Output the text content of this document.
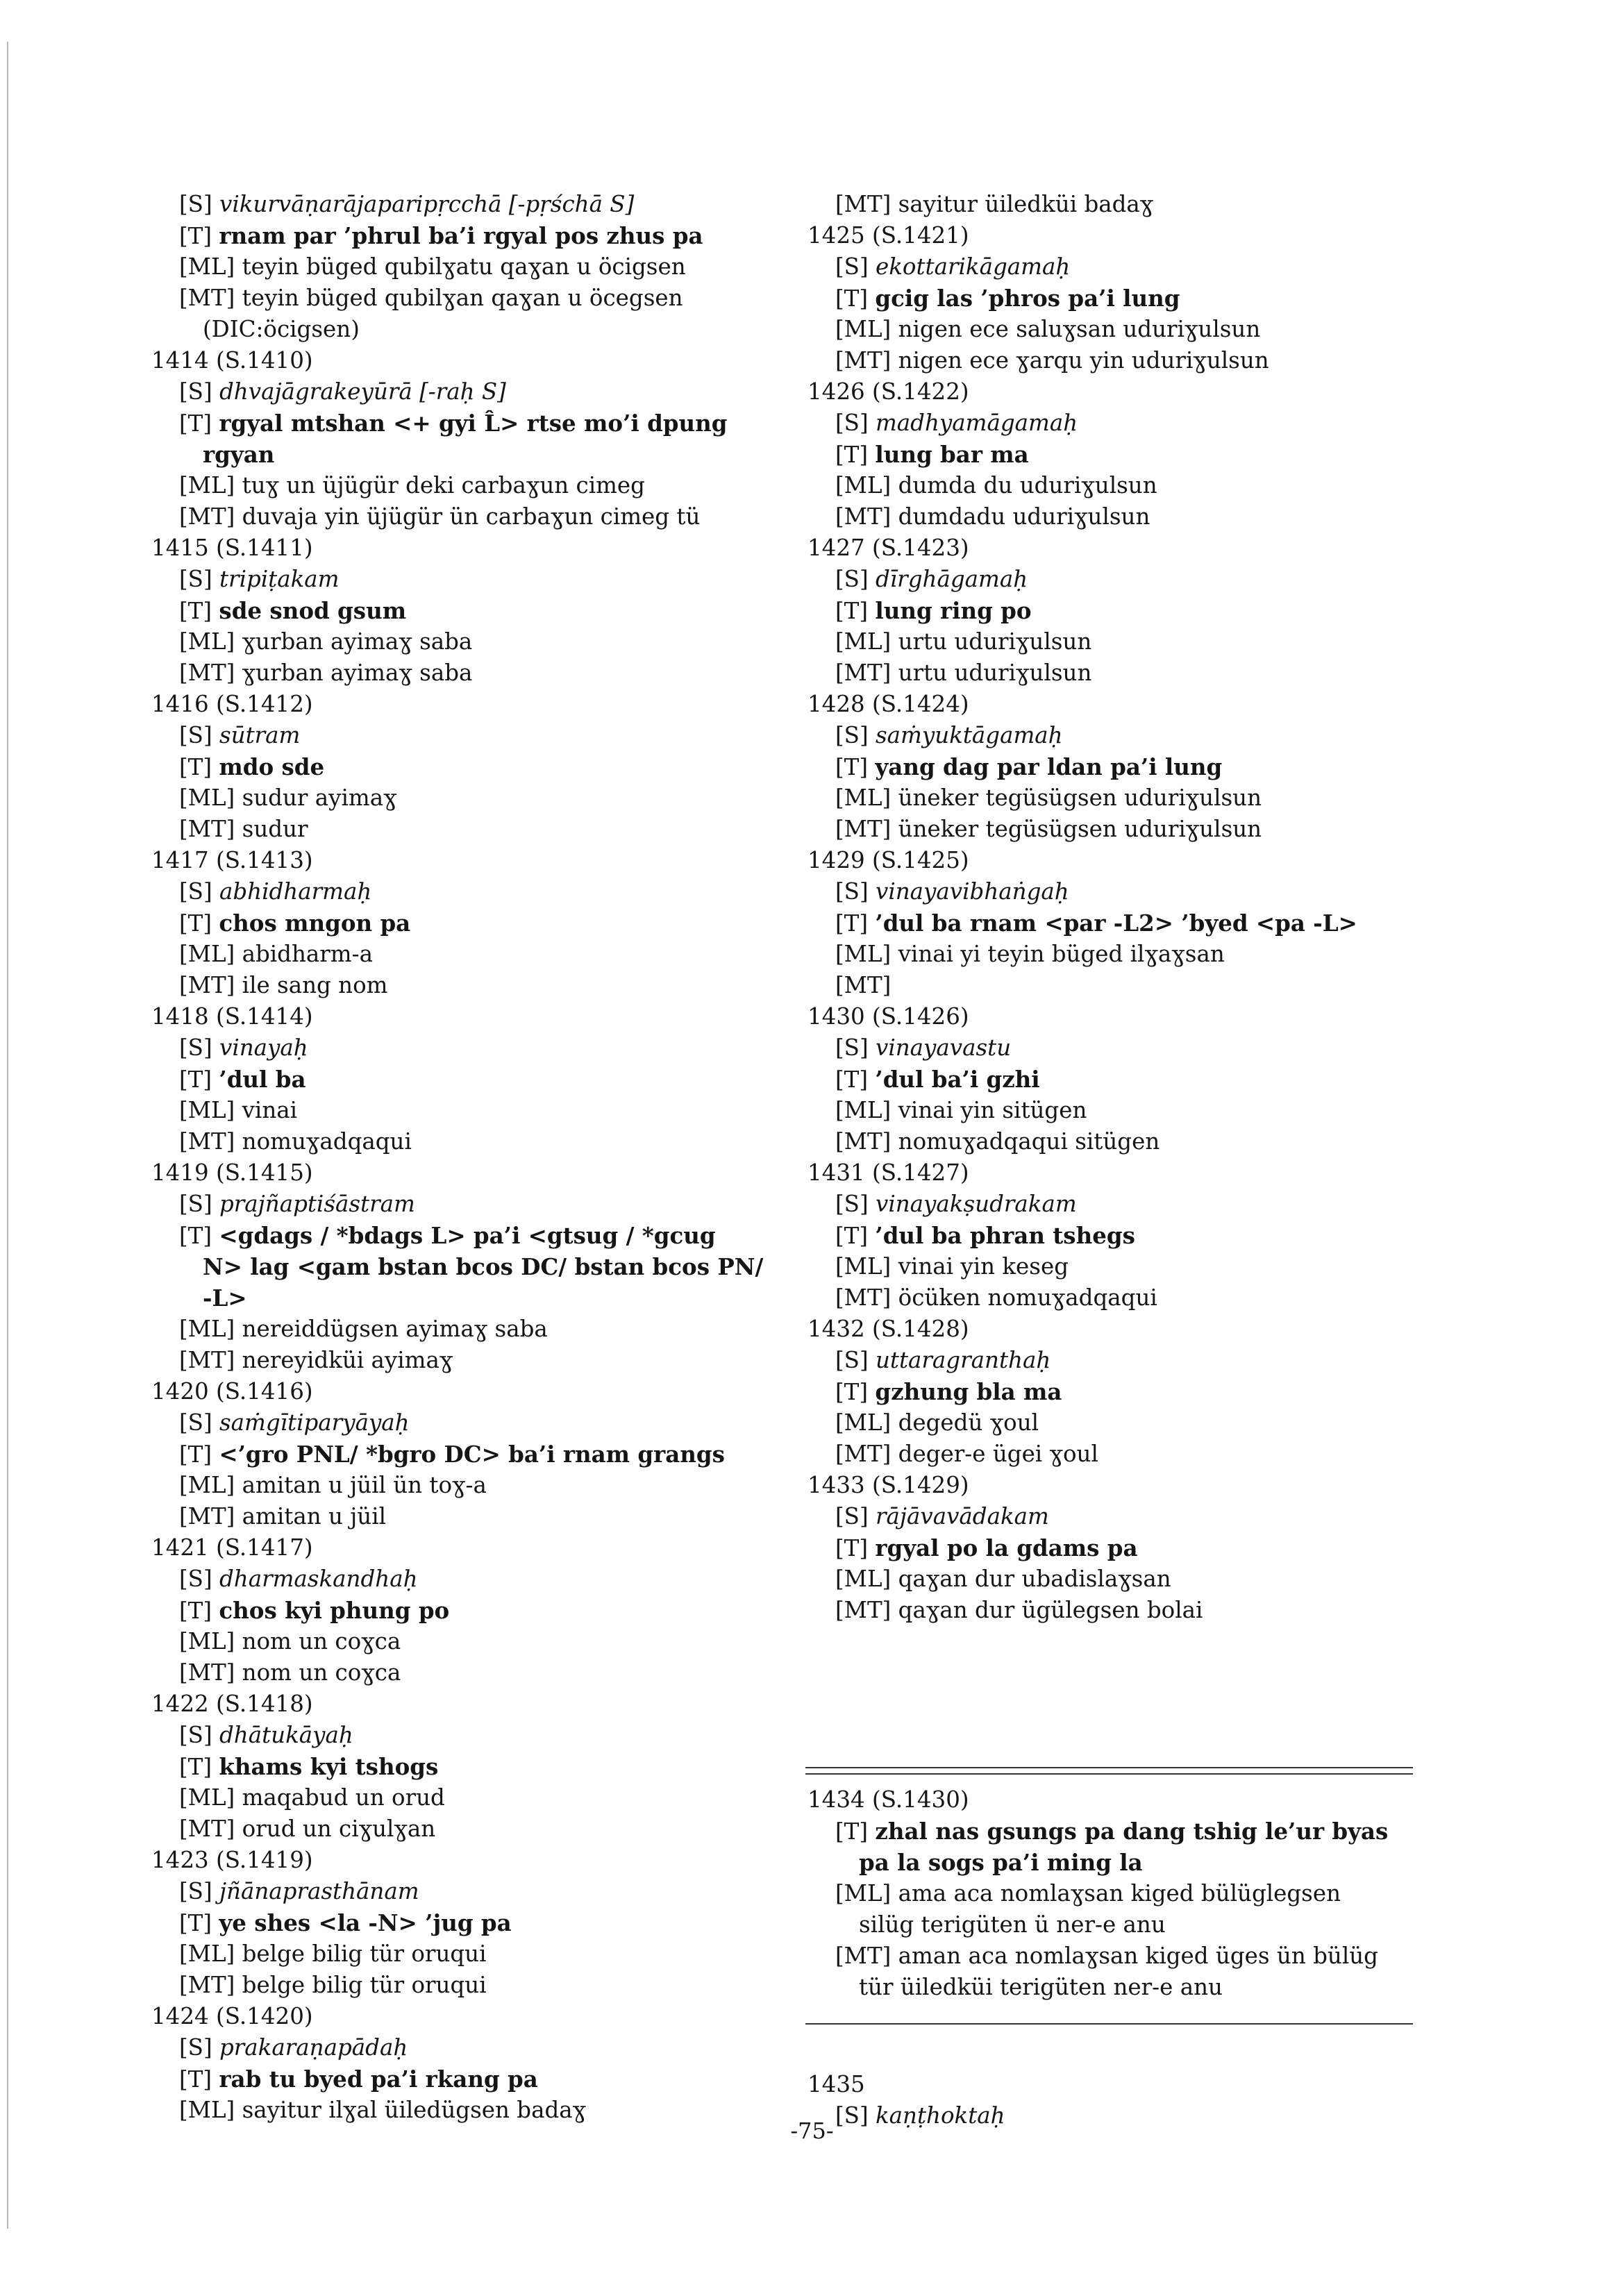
[S] vikurvāṇarājaparipṛcchā [-pṛśchā S]
[T] rnam par ’phrul ba’i rgyal pos zhus pa
[ML] teyin büged qubilɣatu qaɣan u öcigsen
[MT] teyin büged qubilɣan qaɣan u öcegsen
(DIC:öcigsen)
1414 (S.1410)
[S] dhvajāgrakeyūrā [-raḥ S]
[T] rgyal mtshan <+ gyi L̂> rtse mo’i dpung
rgyan
[ML] tuɣ un üjügür deki carbaɣun cimeg
[MT] duvaja yin üjügür ün carbaɣun cimeg tü
1415 (S.1411)
[S] tripiṭakam
[T] sde snod gsum
[ML] ɣurban ayimaɣ saba
[MT] ɣurban ayimaɣ saba
1416 (S.1412)
[S] sūtram
[T] mdo sde
[ML] sudur ayimaɣ
[MT] sudur
1417 (S.1413)
[S] abhidharmaḥ
[T] chos mngon pa
[ML] abidharm-a
[MT] ile sang nom
1418 (S.1414)
[S] vinayaḥ
[T] ’dul ba
[ML] vinai
[MT] nomuɣadqaqui
1419 (S.1415)
[S] prajñaptiśāstram
[T] <gdags / *bdags L> pa’i <gtsug / *gcug
N> lag <gam bstan bcos DC/ bstan bcos PN/
-L>
[ML] nereiddügsen ayimaɣ saba
[MT] nereyidküi ayimaɣ
1420 (S.1416)
[S] saṁgītiparyāyaḥ
[T] <’gro PNL/ *bgro DC> ba’i rnam grangs
[ML] amitan u jüil ün toɣ-a
[MT] amitan u jüil
1421 (S.1417)
[S] dharmaskandhaḥ
[T] chos kyi phung po
[ML] nom un coɣca
[MT] nom un coɣca
1422 (S.1418)
[S] dhātukāyaḥ
[T] khams kyi tshogs
[ML] maqabud un orud
[MT] orud un ciɣulɣan
1423 (S.1419)
[S] jñānaprasthānam
[T] ye shes <la -N> ’jug pa
[ML] belge bilig tür oruqui
[MT] belge bilig tür oruqui
1424 (S.1420)
[S] prakaraṇapādaḥ
[T] rab tu byed pa’i rkang pa
[ML] sayitur ilɣal üiledügsen badaɣ
[MT] sayitur üiledküi badaɣ
1425 (S.1421)
[S] ekottarikāgamaḥ
[T] gcig las ’phros pa’i lung
[ML] nigen ece saluɣsan uduriɣulsun
[MT] nigen ece ɣarqu yin uduriɣulsun
1426 (S.1422)
[S] madhyamāgamaḥ
[T] lung bar ma
[ML] dumda du uduriɣulsun
[MT] dumdadu uduriɣulsun
1427 (S.1423)
[S] dīrghāgamaḥ
[T] lung ring po
[ML] urtu uduriɣulsun
[MT] urtu uduriɣulsun
1428 (S.1424)
[S] saṁyuktāgamaḥ
[T] yang dag par ldan pa’i lung
[ML] üneker tegüsügsen uduriɣulsun
[MT] üneker tegüsügsen uduriɣulsun
1429 (S.1425)
[S] vinayavibhaṅgaḥ
[T] ’dul ba rnam <par -L2> ’byed <pa -L>
[ML] vinai yi teyin büged ilɣaɣsan
[MT]
1430 (S.1426)
[S] vinayavastu
[T] ’dul ba’i gzhi
[ML] vinai yin sitügen
[MT] nomuɣadqaqui sitügen
1431 (S.1427)
[S] vinayakṣudrakam
[T] ’dul ba phran tshegs
[ML] vinai yin keseg
[MT] öcüken nomuɣadqaqui
1432 (S.1428)
[S] uttaragranthaḥ
[T] gzhung bla ma
[ML] degedü ɣoul
[MT] deger-e ügei ɣoul
1433 (S.1429)
[S] rājāvavādakam
[T] rgyal po la gdams pa
[ML] qaɣan dur ubadislaɣsan
[MT] qaɣan dur ügülegsen bolai
1434 (S.1430)
[T] zhal nas gsungs pa dang tshig le’ur byas
pa la sogs pa’i ming la
[ML] ama aca nomlaɣsan kiged bülüglegsen
silüg terigüten ü ner-e anu
[MT] aman aca nomlaɣsan kiged üges ün bülüg
tür üiledküi terigüten ner-e anu
1435
[S] kaṇṭhoktaḥ
-75-
